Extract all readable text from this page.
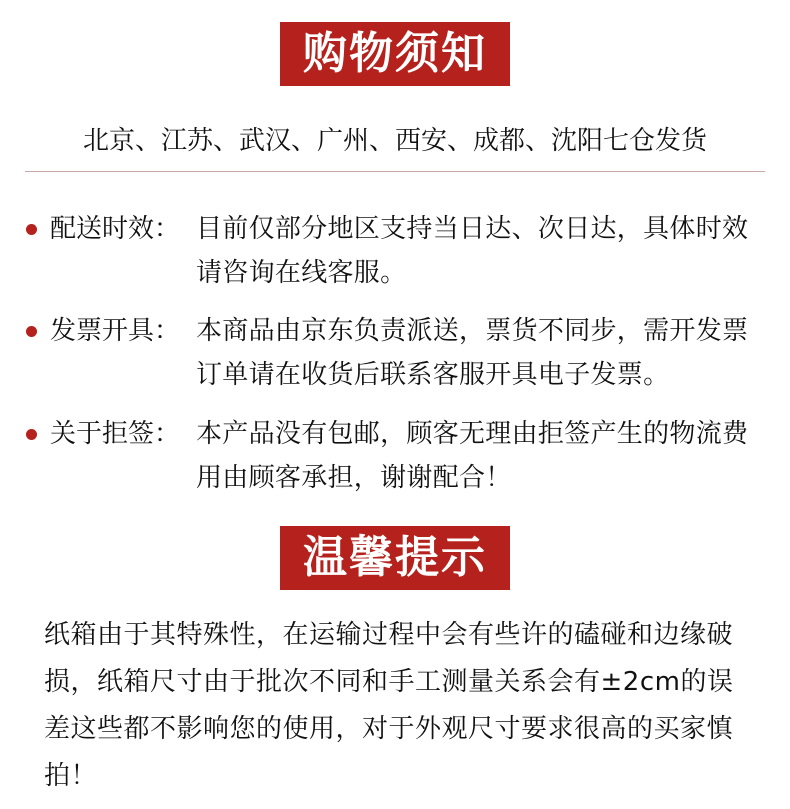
购物须知
北京、江苏、武汉、广州、西安、成都、沈阳七仓发货
配送时效： 目前仅部分地区支持当日达、次日达，具体时效请咨询在线客服。
发票开具： 本商品由京东负责派送，票货不同步，需开发票订单请在收货后联系客服开具电子发票。
关于拒签： 本产品没有包邮，顾客无理由拒签产生的物流费用由顾客承担，谢谢配合！
温馨提示
纸箱由于其特殊性，在运输过程中会有些许的磕碰和边缘破损，纸箱尺寸由于批次不同和手工测量关系会有±2cm的误差这些都不影响您的使用，对于外观尺寸要求很高的买家慎拍！
